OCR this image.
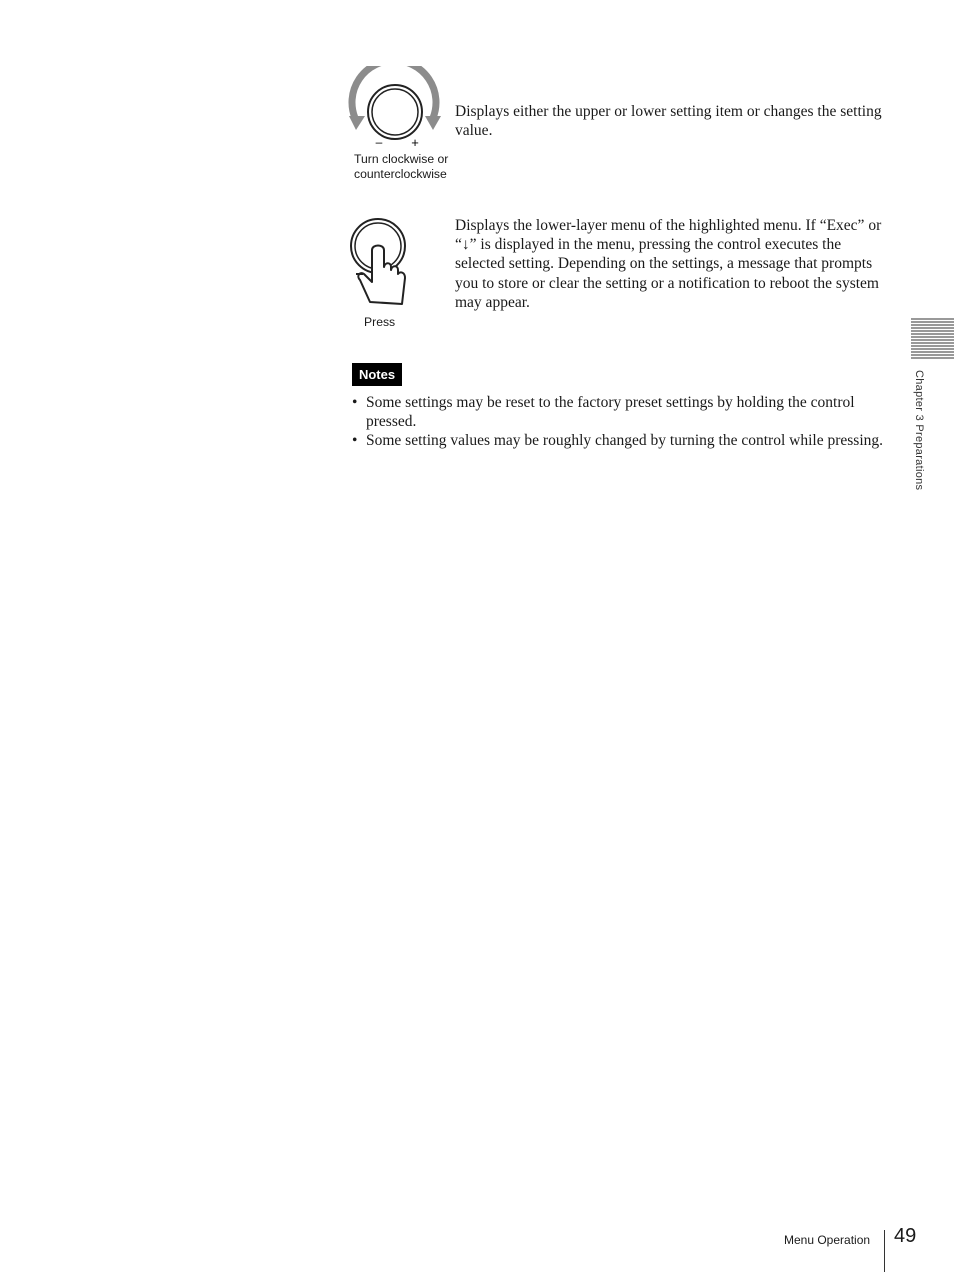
– +
Turn clockwise or
counterclockwise
Displays either the upper or lower setting item or changes the setting value.
Press
Displays the lower-layer menu of the highlighted menu. If “Exec” or “↓” is displayed in the menu, pressing the control executes the selected setting. Depending on the settings, a message that prompts you to store or clear the setting or a notification to reboot the system may appear.
Notes
• Some settings may be reset to the factory preset settings by holding the control pressed.
• Some setting values may be roughly changed by turning the control while pressing.	Chapter 3 Preparations
Menu Operation 49
